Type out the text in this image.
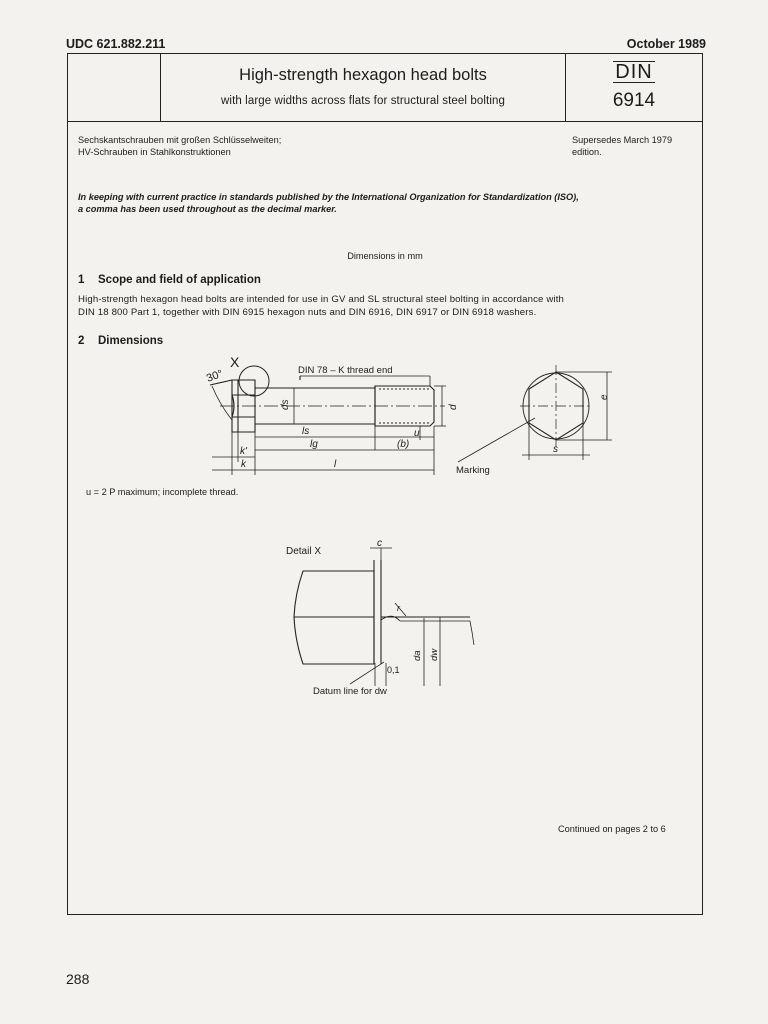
UDC 621.882.211	October 1989
High-strength hexagon head bolts
with large widths across flats for structural steel bolting
DIN
6914
Sechskantschrauben mit großen Schlüsselweiten;
HV-Schrauben in Stahlkonstruktionen
Supersedes March 1979
edition.
In keeping with current practice in standards published by the International Organization for Standardization (ISO),
a comma has been used throughout as the decimal marker.
Dimensions in mm
1 Scope and field of application
High-strength hexagon head bolts are intended for use in GV and SL structural steel bolting in accordance with
DIN 18 800 Part 1, together with DIN 6915 hexagon nuts and DIN 6916, DIN 6917 or DIN 6918 washers.
2 Dimensions
30°
X
DIN 78 – K thread end
ds	d
ls	u
lg	(b)
k'
k	l
e
s
Marking
u = 2 P maximum; incomplete thread.
Detail X
c
r
0,1
da dw
Datum line for dw
Continued on pages 2 to 6
288
